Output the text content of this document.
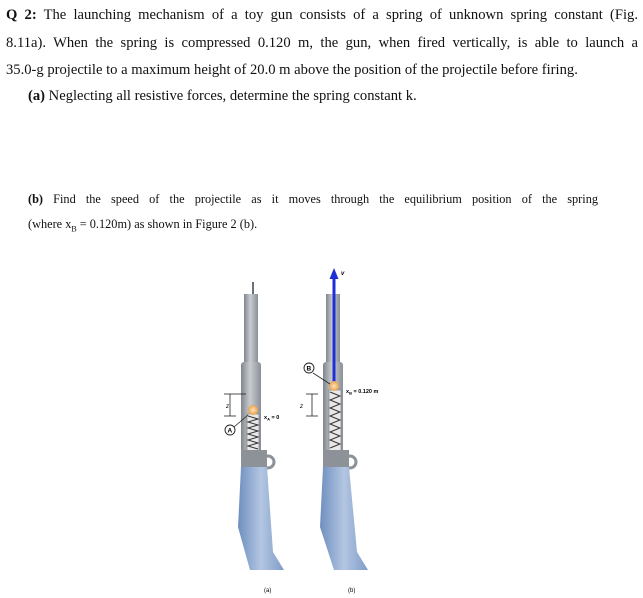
Q 2: The launching mechanism of a toy gun consists of a spring of unknown spring constant (Fig.

8.11a). When the spring is compressed 0.120 m, the gun, when fired vertically, is able to launch a

35.0-g projectile to a maximum height of 20.0 m above the position of the projectile before firing.

(a) Neglecting all resistive forces, determine the spring constant k.

(b) Find the speed of the projectile as it moves through the equilibrium position of the spring

(where $x_B = 0.120m$) as shown in Figure 2 (b).

z
A
$x_A = 0$
(a)
v
B
z
$x_B = 0.120$ m
(b)
